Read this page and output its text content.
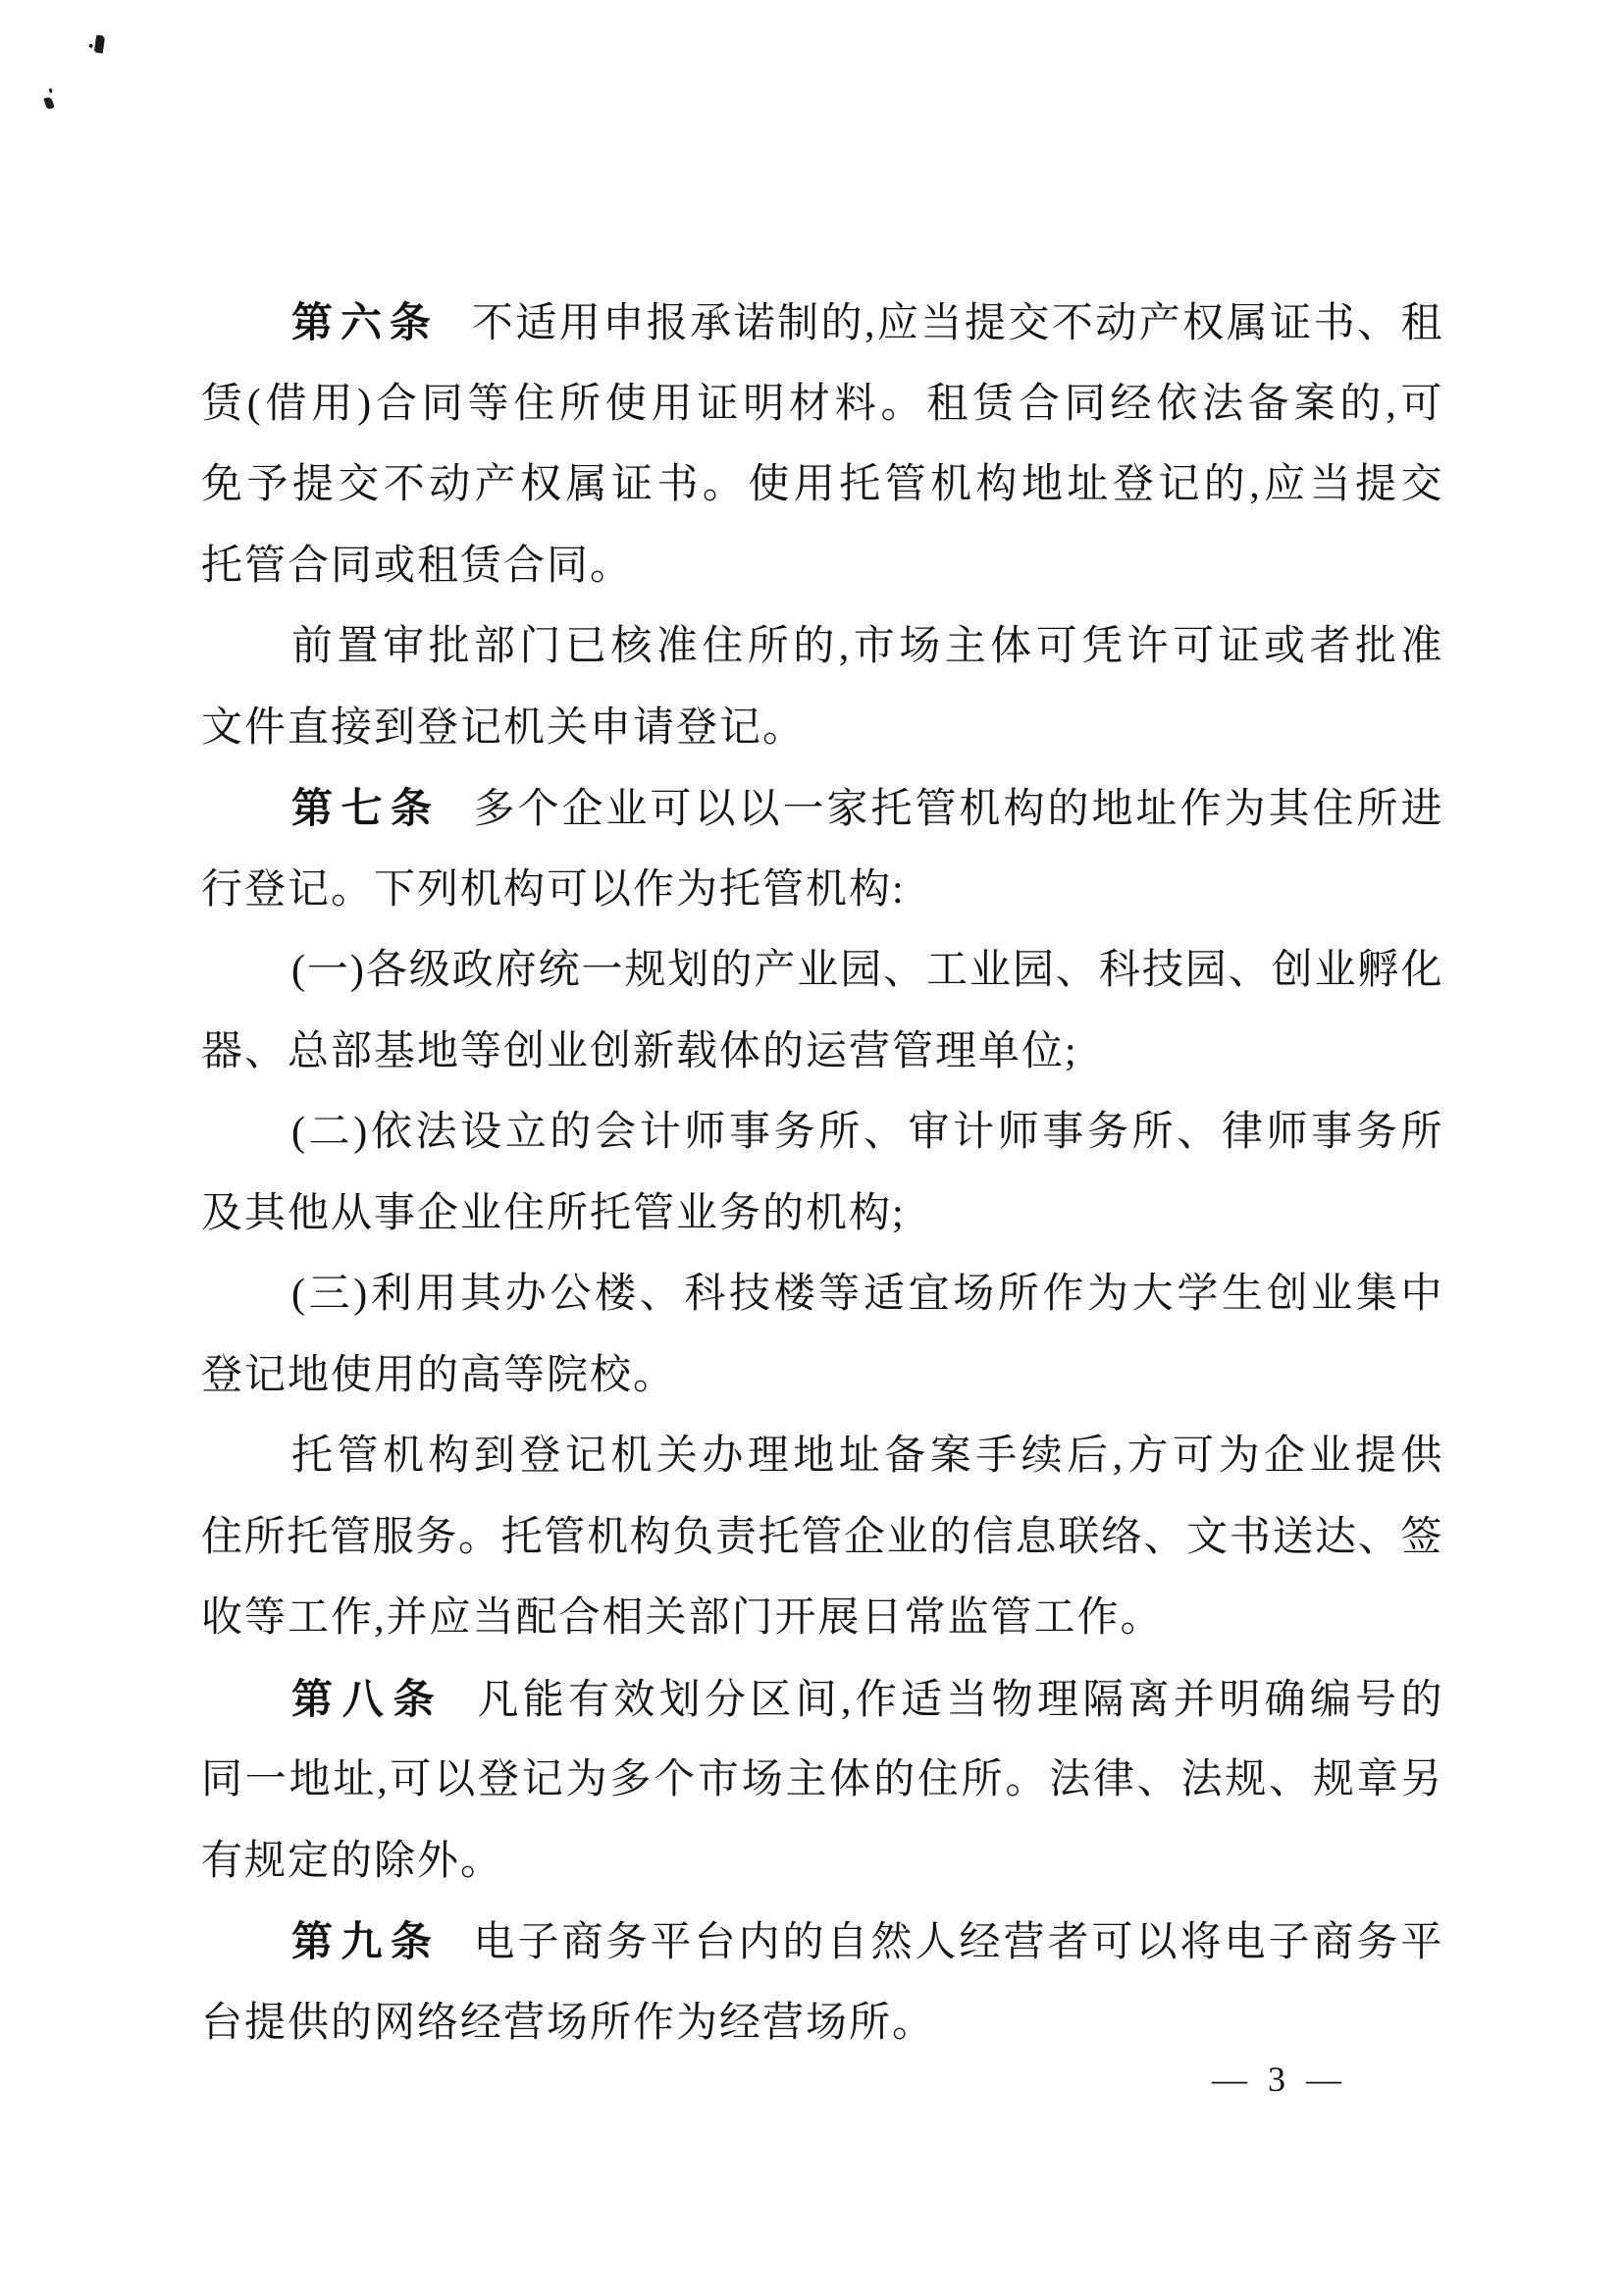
第六条 不适用申报承诺制的,应当提交不动产权属证书、租

赁(借用)合同等住所使用证明材料。租赁合同经依法备案的,可

免予提交不动产权属证书。使用托管机构地址登记的,应当提交

托管合同或租赁合同。

前置审批部门已核准住所的,市场主体可凭许可证或者批准

文件直接到登记机关申请登记。

第七条 多个企业可以以一家托管机构的地址作为其住所进

行登记。下列机构可以作为托管机构:

(一)各级政府统一规划的产业园、工业园、科技园、创业孵化

器、总部基地等创业创新载体的运营管理单位;

(二)依法设立的会计师事务所、审计师事务所、律师事务所

及其他从事企业住所托管业务的机构;

(三)利用其办公楼、科技楼等适宜场所作为大学生创业集中

登记地使用的高等院校。

托管机构到登记机关办理地址备案手续后,方可为企业提供

住所托管服务。托管机构负责托管企业的信息联络、文书送达、签

收等工作,并应当配合相关部门开展日常监管工作。

第八条 凡能有效划分区间,作适当物理隔离并明确编号的

同一地址,可以登记为多个市场主体的住所。法律、法规、规章另

有规定的除外。

第九条 电子商务平台内的自然人经营者可以将电子商务平

台提供的网络经营场所作为经营场所。

— 3 —
